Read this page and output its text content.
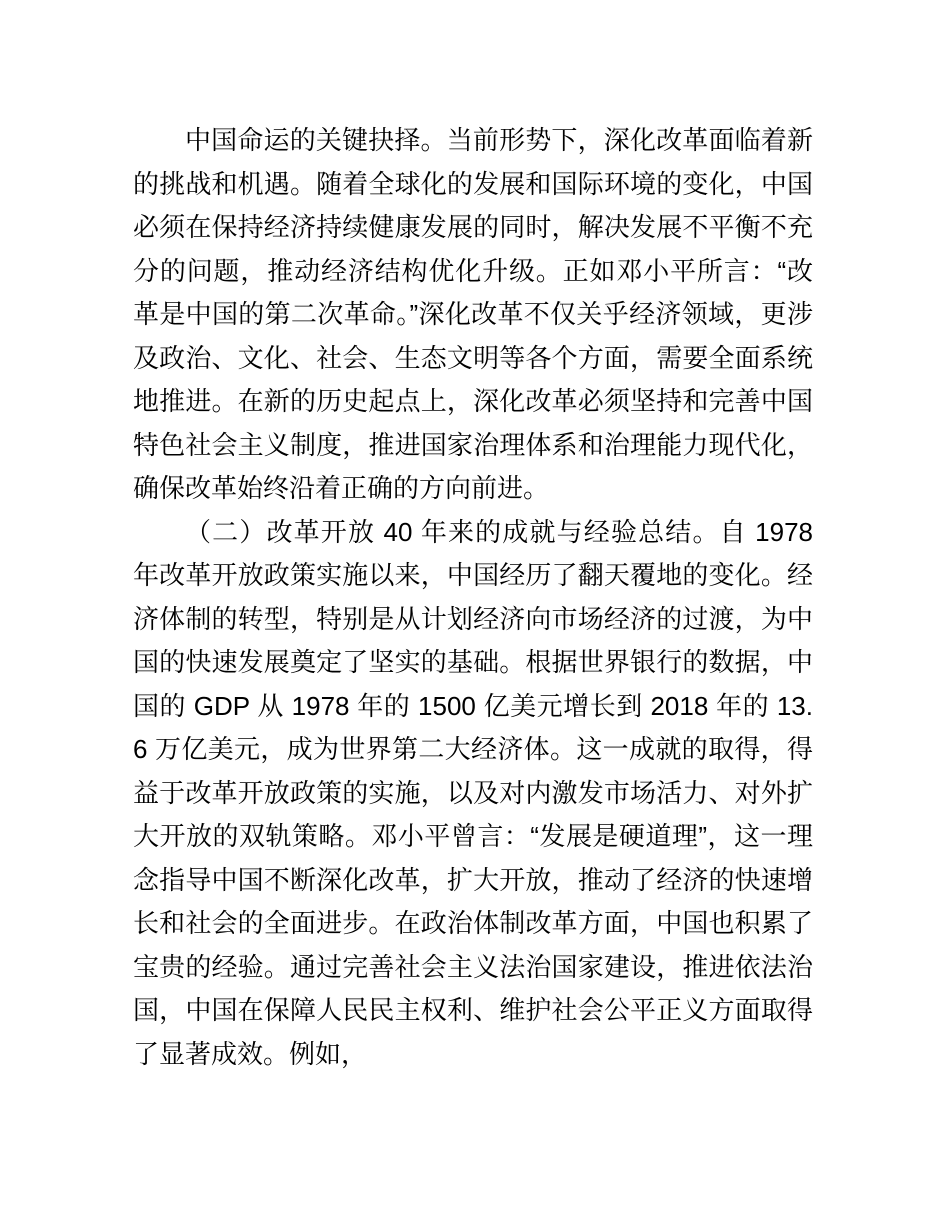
中国命运的关键抉择。当前形势下，深化改革面临着新的挑战和机遇。随着全球化的发展和国际环境的变化，中国必须在保持经济持续健康发展的同时，解决发展不平衡不充分的问题，推动经济结构优化升级。正如邓小平所言：“改革是中国的第二次革命。”深化改革不仅关乎经济领域，更涉及政治、文化、社会、生态文明等各个方面，需要全面系统地推进。在新的历史起点上，深化改革必须坚持和完善中国特色社会主义制度，推进国家治理体系和治理能力现代化，确保改革始终沿着正确的方向前进。

（二）改革开放 40 年来的成就与经验总结。自 1978 年改革开放政策实施以来，中国经历了翻天覆地的变化。经济体制的转型，特别是从计划经济向市场经济的过渡，为中国的快速发展奠定了坚实的基础。根据世界银行的数据，中国的 GDP 从 1978 年的 1500 亿美元增长到 2018 年的 13.6 万亿美元，成为世界第二大经济体。这一成就的取得，得益于改革开放政策的实施，以及对内激发市场活力、对外扩大开放的双轨策略。邓小平曾言：“发展是硬道理”，这一理念指导中国不断深化改革，扩大开放，推动了经济的快速增长和社会的全面进步。在政治体制改革方面，中国也积累了宝贵的经验。通过完善社会主义法治国家建设，推进依法治国，中国在保障人民民主权利、维护社会公平正义方面取得了显著成效。例如，
